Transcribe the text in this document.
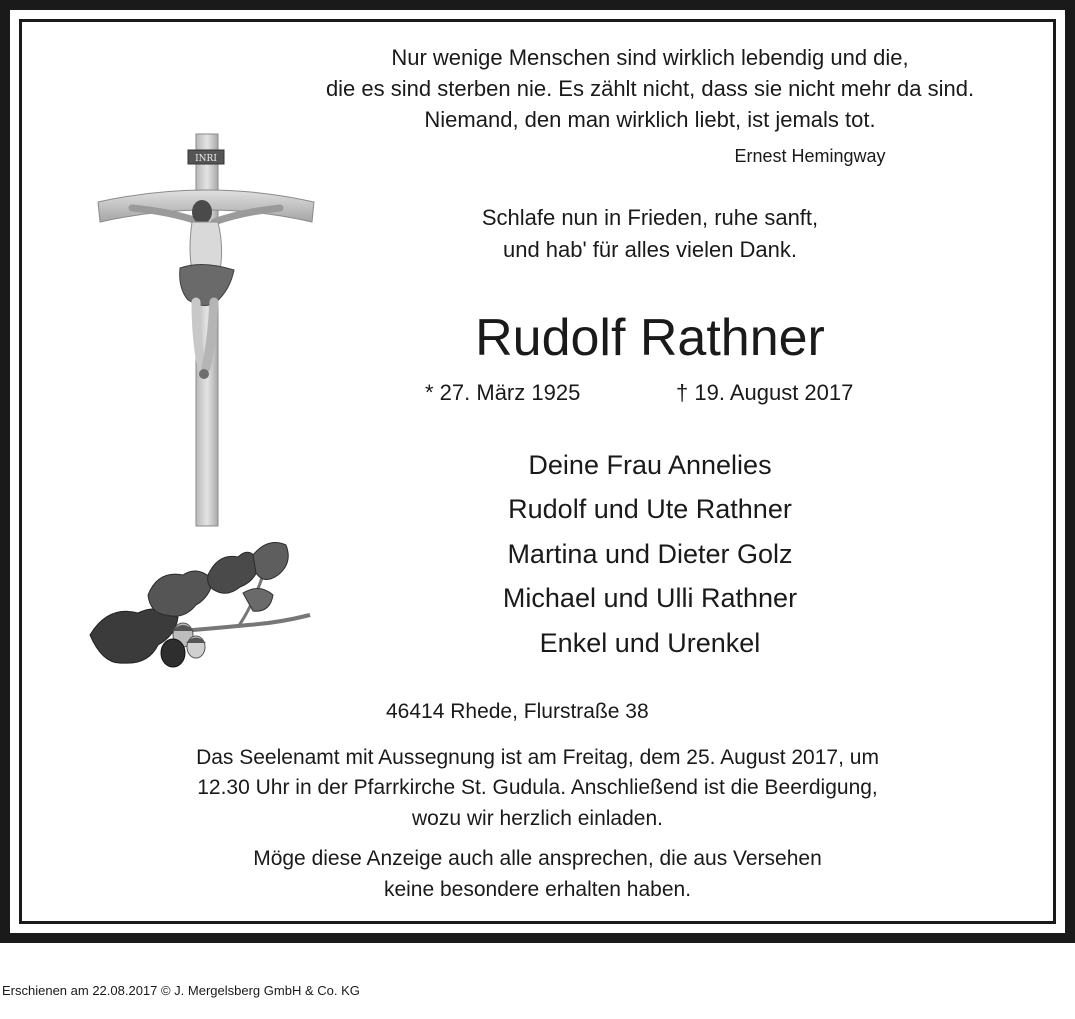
Nur wenige Menschen sind wirklich lebendig und die,
die es sind sterben nie. Es zählt nicht, dass sie nicht mehr da sind.
Niemand, den man wirklich liebt, ist jemals tot.
Ernest Hemingway
INRI
Schlafe nun in Frieden, ruhe sanft,
und hab' für alles vielen Dank.
Rudolf Rathner
* 27. März 1925	† 19. August 2017
Deine Frau Annelies
Rudolf und Ute Rathner
Martina und Dieter Golz
Michael und Ulli Rathner
Enkel und Urenkel
46414 Rhede, Flurstraße 38
Das Seelenamt mit Aussegnung ist am Freitag, dem 25. August 2017, um
12.30 Uhr in der Pfarrkirche St. Gudula. Anschließend ist die Beerdigung,
wozu wir herzlich einladen.
Möge diese Anzeige auch alle ansprechen, die aus Versehen
keine besondere erhalten haben.
Erschienen am 22.08.2017 © J. Mergelsberg GmbH & Co. KG
